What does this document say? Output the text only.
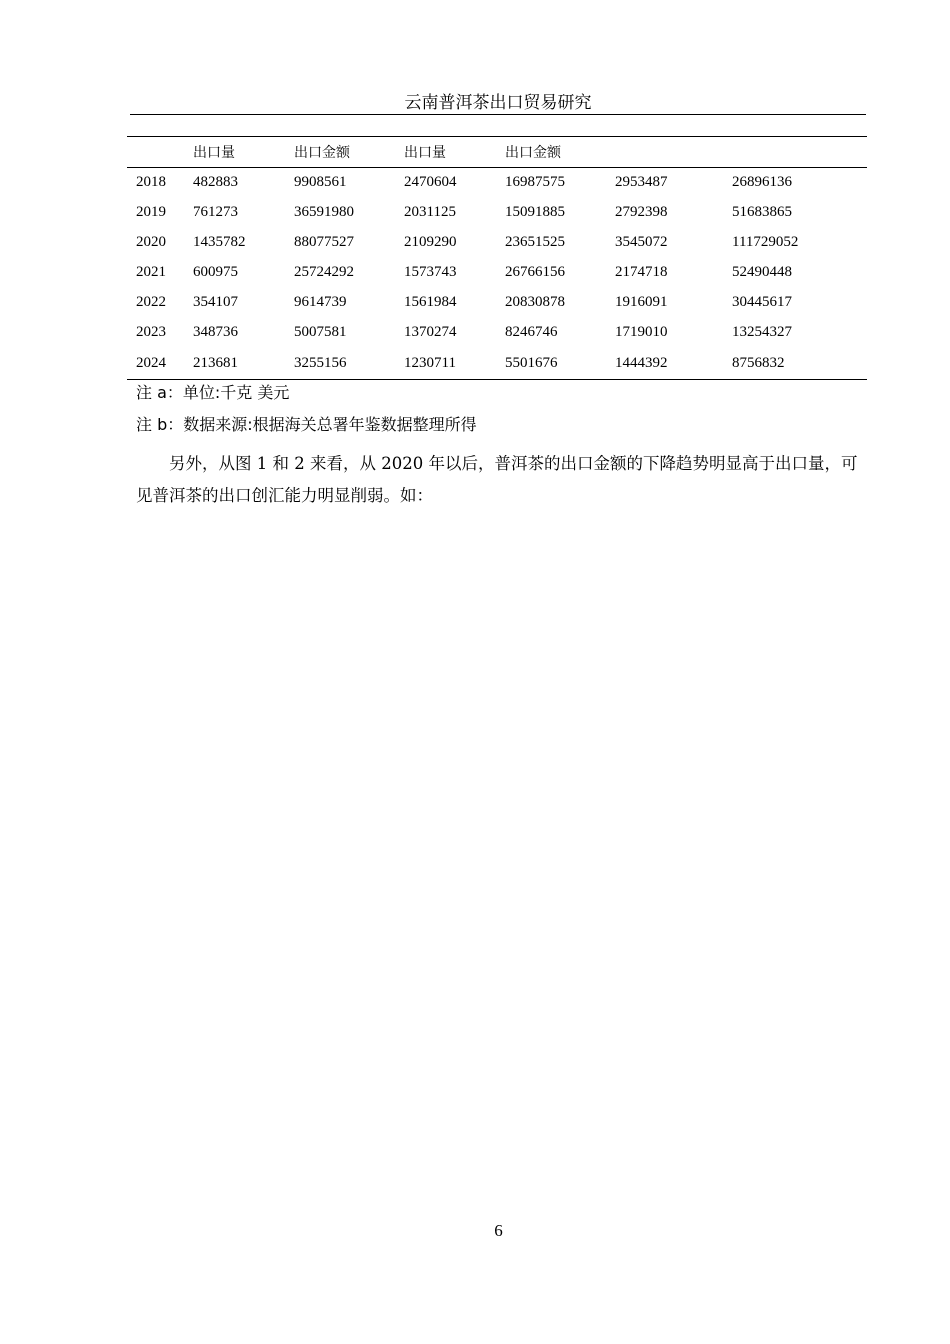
云南普洱茶出口贸易研究
	出口量	出口金额	出口量	出口金额		
2018	482883	9908561	2470604	16987575	2953487	26896136
2019	761273	36591980	2031125	15091885	2792398	51683865
2020	1435782	88077527	2109290	23651525	3545072	111729052
2021	600975	25724292	1573743	26766156	2174718	52490448
2022	354107	9614739	1561984	20830878	1916091	30445617
2023	348736	5007581	1370274	8246746	1719010	13254327
2024	213681	3255156	1230711	5501676	1444392	8756832
注 a：单位:千克 美元
注 b：数据来源:根据海关总署年鉴数据整理所得

另外，从图 1 和 2 来看，从 2020 年以后，普洱茶的出口金额的下降趋势明显高于出口量，可见普洱茶的出口创汇能力明显削弱。如：

6
